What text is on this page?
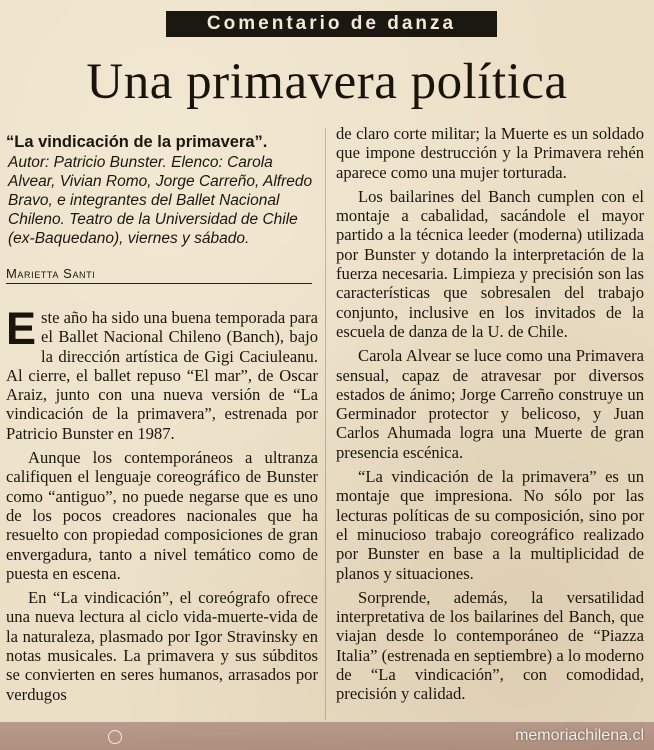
Comentario de danza
Una primavera política
“La vindicación de la primavera”.
Autor: Patricio Bunster. Elenco: Carola Alvear, Vivian Romo, Jorge Carreño, Alfredo Bravo, e integrantes del Ballet Nacional Chileno. Teatro de la Universidad de Chile (ex-Baquedano), viernes y sábado.
Marietta Santi

Este año ha sido una buena temporada para el Ballet Nacional Chileno (Banch), bajo la dirección artística de Gigi Caciuleanu. Al cierre, el ballet repuso “El mar”, de Oscar Araiz, junto con una nueva versión de “La vindicación de la primavera”, estrenada por Patricio Bunster en 1987.

Aunque los contemporáneos a ultranza califiquen el lenguaje coreográfico de Bunster como “antiguo”, no puede negarse que es uno de los pocos creadores nacionales que ha resuelto con propiedad composiciones de gran envergadura, tanto a nivel temático como de puesta en escena.

En “La vindicación”, el coreógrafo ofrece una nueva lectura al ciclo vida-muerte-vida de la naturaleza, plasmado por Igor Stravinsky en notas musicales. La primavera y sus súbditos se convierten en seres humanos, arrasados por verdugos

de claro corte militar; la Muerte es un soldado que impone destrucción y la Primavera rehén aparece como una mujer torturada.

Los bailarines del Banch cumplen con el montaje a cabalidad, sacándole el mayor partido a la técnica leeder (moderna) utilizada por Bunster y dotando la interpretación de la fuerza necesaria. Limpieza y precisión son las características que sobresalen del trabajo conjunto, inclusive en los invitados de la escuela de danza de la U. de Chile.

Carola Alvear se luce como una Primavera sensual, capaz de atravesar por diversos estados de ánimo; Jorge Carreño construye un Germinador protector y belicoso, y Juan Carlos Ahumada logra una Muerte de gran presencia escénica.

“La vindicación de la primavera” es un montaje que impresiona. No sólo por las lecturas políticas de su composición, sino por el minucioso trabajo coreográfico realizado por Bunster en base a la multiplicidad de planos y situaciones.

Sorprende, además, la versatilidad interpretativa de los bailarines del Banch, que viajan desde lo contemporáneo de “Piazza Italia” (estrenada en septiembre) a lo moderno de “La vindicación”, con comodidad, precisión y calidad.

memoriachilena.cl
